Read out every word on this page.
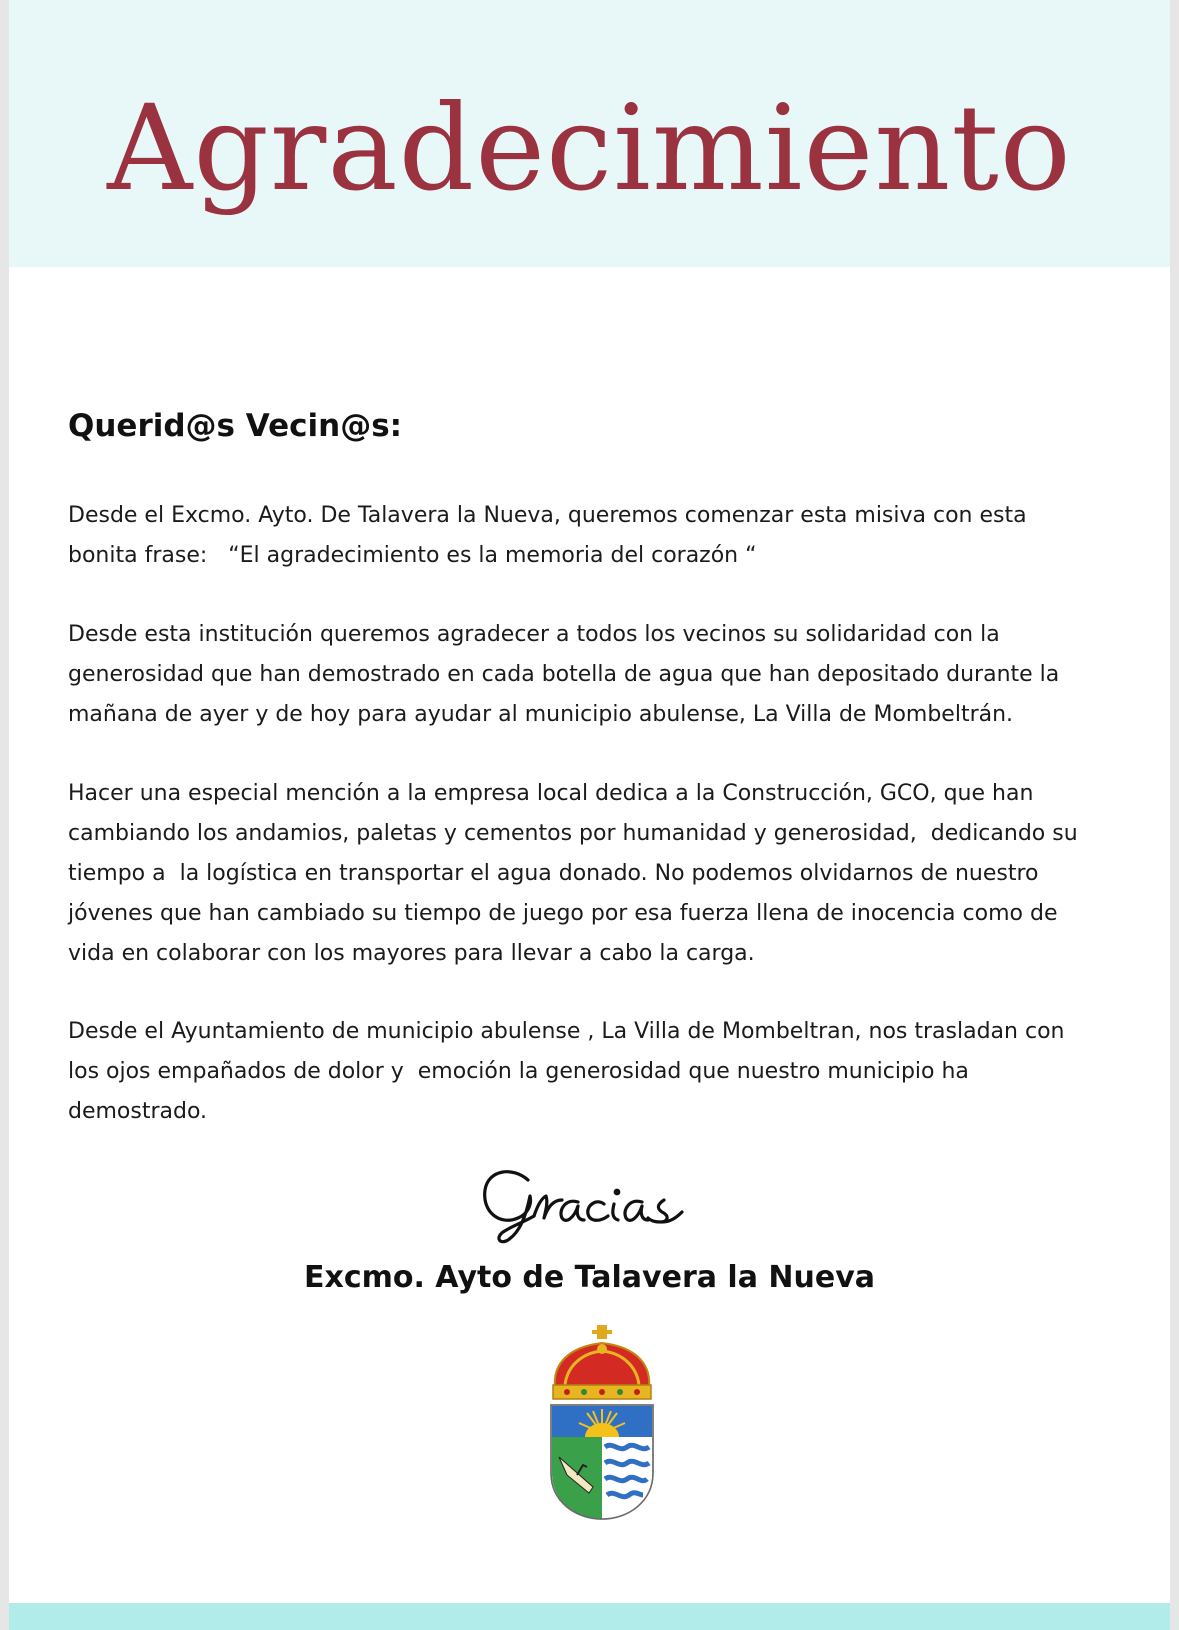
Agradecimiento

Querid@s Vecin@s:

Desde el Excmo. Ayto. De Talavera la Nueva, queremos comenzar esta misiva con esta
bonita frase:   “El agradecimiento es la memoria del corazón “

Desde esta institución queremos agradecer a todos los vecinos su solidaridad con la
generosidad que han demostrado en cada botella de agua que han depositado durante la
mañana de ayer y de hoy para ayudar al municipio abulense, La Villa de Mombeltrán.

Hacer una especial mención a la empresa local dedica a la Construcción, GCO, que han
cambiando los andamios, paletas y cementos por humanidad y generosidad,  dedicando su
tiempo a  la logística en transportar el agua donado. No podemos olvidarnos de nuestro
jóvenes que han cambiado su tiempo de juego por esa fuerza llena de inocencia como de
vida en colaborar con los mayores para llevar a cabo la carga.

Desde el Ayuntamiento de municipio abulense , La Villa de Mombeltran, nos trasladan con
los ojos empañados de dolor y  emoción la generosidad que nuestro municipio ha
demostrado.

Excmo. Ayto de Talavera la Nueva
